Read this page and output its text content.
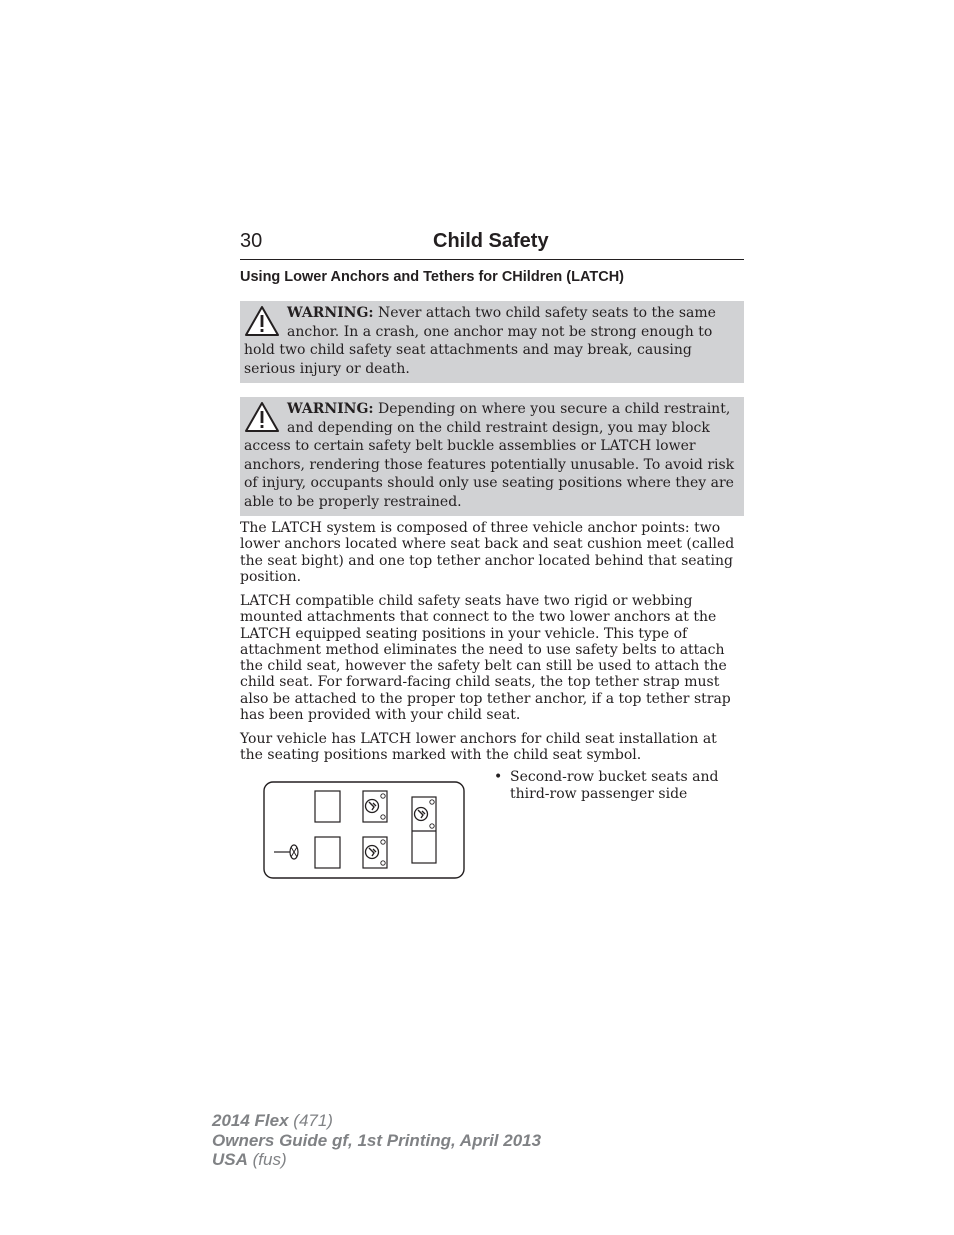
30	Child Safety
Using Lower Anchors and Tethers for CHildren (LATCH)
WARNING: Never attach two child safety seats to the same anchor. In a crash, one anchor may not be strong enough to hold two child safety seat attachments and may break, causing serious injury or death.
WARNING: Depending on where you secure a child restraint, and depending on the child restraint design, you may block access to certain safety belt buckle assemblies or LATCH lower anchors, rendering those features potentially unusable. To avoid risk of injury, occupants should only use seating positions where they are able to be properly restrained.
The LATCH system is composed of three vehicle anchor points: two lower anchors located where seat back and seat cushion meet (called the seat bight) and one top tether anchor located behind that seating position.
LATCH compatible child safety seats have two rigid or webbing mounted attachments that connect to the two lower anchors at the LATCH equipped seating positions in your vehicle. This type of attachment method eliminates the need to use safety belts to attach the child seat, however the safety belt can still be used to attach the child seat. For forward-facing child seats, the top tether strap must also be attached to the proper top tether anchor, if a top tether strap has been provided with your child seat.
Your vehicle has LATCH lower anchors for child seat installation at the seating positions marked with the child seat symbol.
• Second-row bucket seats and third-row passenger side
2014 Flex (471)
Owners Guide gf, 1st Printing, April 2013
USA (fus)
